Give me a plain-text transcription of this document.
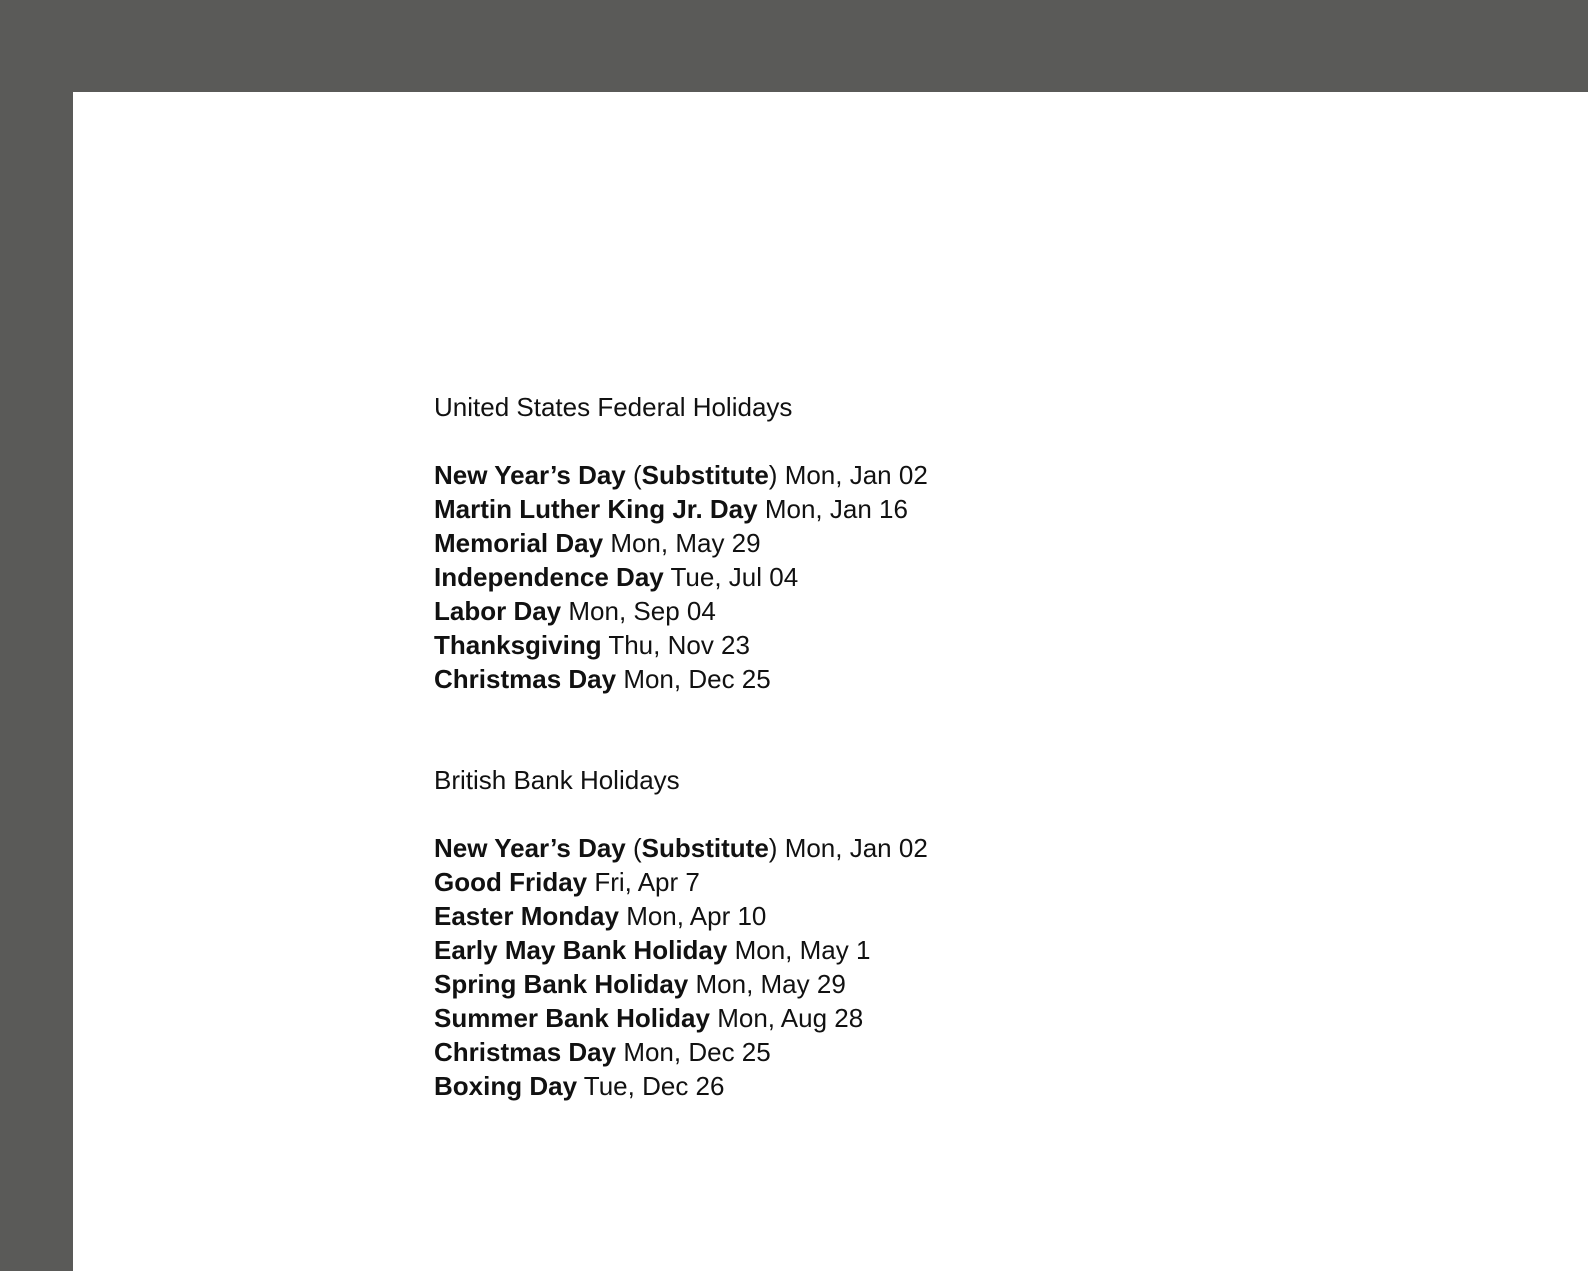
United States Federal Holidays
New Year’s Day (Substitute) Mon, Jan 02
Martin Luther King Jr. Day Mon, Jan 16
Memorial Day Mon, May 29
Independence Day Tue, Jul 04
Labor Day Mon, Sep 04
Thanksgiving Thu, Nov 23
Christmas Day Mon, Dec 25
British Bank Holidays
New Year’s Day (Substitute) Mon, Jan 02
Good Friday Fri, Apr 7
Easter Monday Mon, Apr 10
Early May Bank Holiday Mon, May 1
Spring Bank Holiday Mon, May 29
Summer Bank Holiday Mon, Aug 28
Christmas Day Mon, Dec 25
Boxing Day Tue, Dec 26
